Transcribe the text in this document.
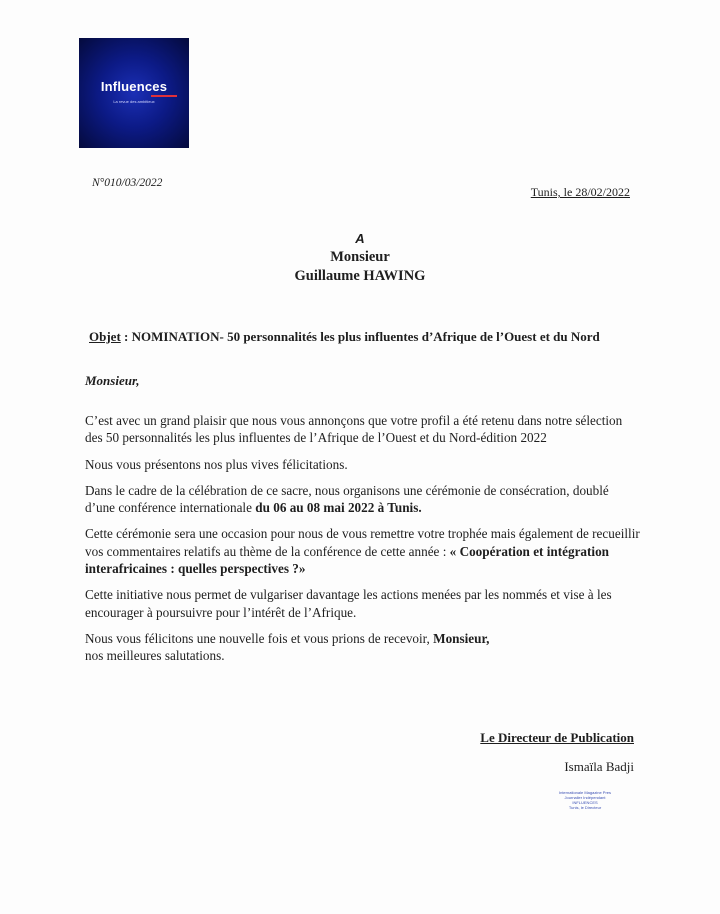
Influences
La revue des ambitieux
N°010/03/2022
Tunis, le 28/02/2022
A
Monsieur
Guillaume HAWING
Objet : NOMINATION- 50 personnalités les plus influentes d’Afrique de l’Ouest et du Nord
Monsieur,

C’est avec un grand plaisir que nous vous annonçons que votre profil a été retenu dans notre sélection des 50 personnalités les plus influentes de l’Afrique de l’Ouest et du Nord-édition 2022

Nous vous présentons nos plus vives félicitations.

Dans le cadre de la célébration de ce sacre, nous organisons une cérémonie de consécration, doublé d’une conférence internationale du 06 au 08 mai 2022 à Tunis.

Cette cérémonie sera une occasion pour nous de vous remettre votre trophée mais également de recueillir vos commentaires relatifs au thème de la conférence de cette année : « Coopération et intégration interafricaines : quelles perspectives ?»

Cette initiative nous permet de vulgariser davantage les actions menées par les nommés et vise à les encourager à poursuivre pour l’intérêt de l’Afrique.

Nous vous félicitons une nouvelle fois et vous prions de recevoir, Monsieur,
nos meilleures salutations.

Le Directeur de Publication
Ismaïla Badji
Internationale Magazine Pres
Journalier Indépendant
INFLUENCES
Tunis, le Directeur
